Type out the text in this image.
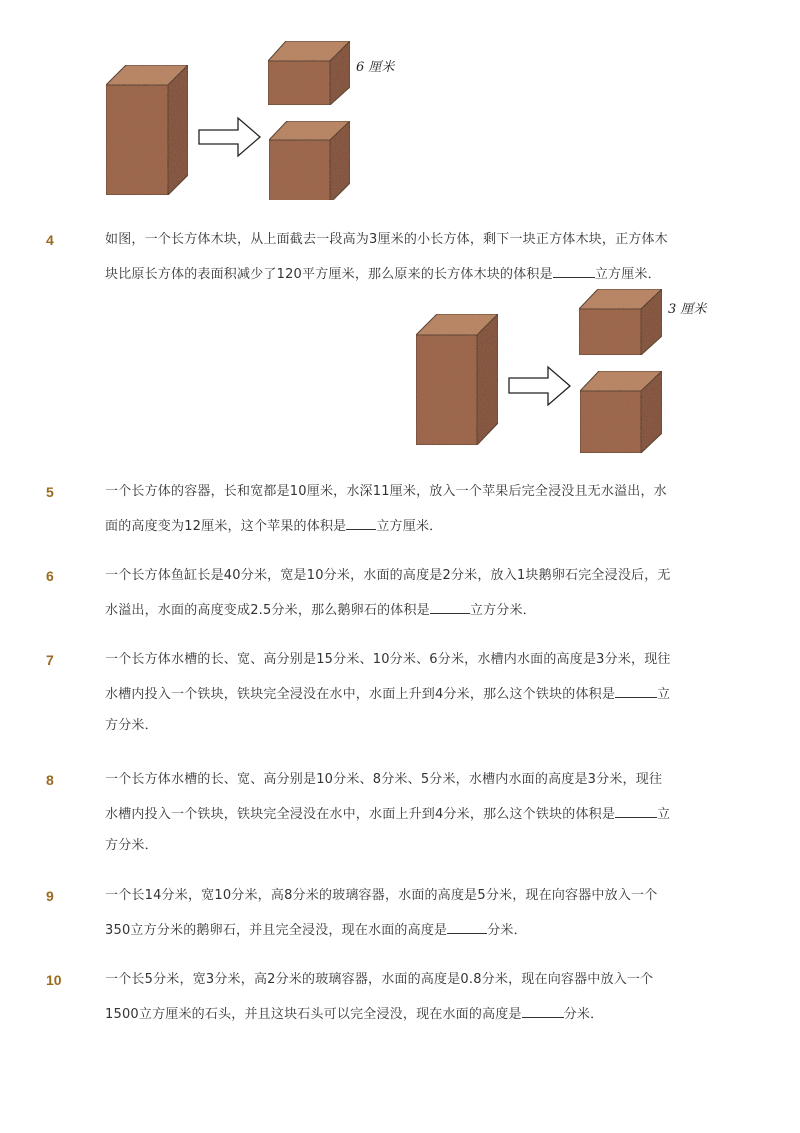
6 厘米
3 厘米
4	如图，一个长方体木块，从上面截去一段高为3厘米的小长方体，剩下一块正方体木块，正方体木
块比原长方体的表面积减少了120平方厘米，那么原来的长方体木块的体积是	立方厘米．
5	一个长方体的容器，长和宽都是10厘米，水深11厘米，放入一个苹果后完全浸没且无水溢出，水
面的高度变为12厘米，这个苹果的体积是 立方厘米．
6	一个长方体鱼缸长是40分米，宽是10分米，水面的高度是2分米，放入1块鹅卵石完全浸没后，无
水溢出，水面的高度变成2.5分米，那么鹅卵石的体积是	立方分米．
7	一个长方体水槽的长、宽、高分别是15分米、10分米、6分米，水槽内水面的高度是3分米，现往
水槽内投入一个铁块，铁块完全浸没在水中，水面上升到4分米，那么这个铁块的体积是	立
方分米．
8	一个长方体水槽的长、宽、高分别是10分米、8分米、5分米，水槽内水面的高度是3分米，现往
水槽内投入一个铁块，铁块完全浸没在水中，水面上升到4分米，那么这个铁块的体积是	立
方分米．
9	一个长14分米，宽10分米，高8分米的玻璃容器，水面的高度是5分米，现在向容器中放入一个
350立方分米的鹅卵石，并且完全浸没，现在水面的高度是	分米．
10	一个长5分米，宽3分米，高2分米的玻璃容器，水面的高度是0.8分米，现在向容器中放入一个
1500立方厘米的石头，并且这块石头可以完全浸没，现在水面的高度是	分米．
